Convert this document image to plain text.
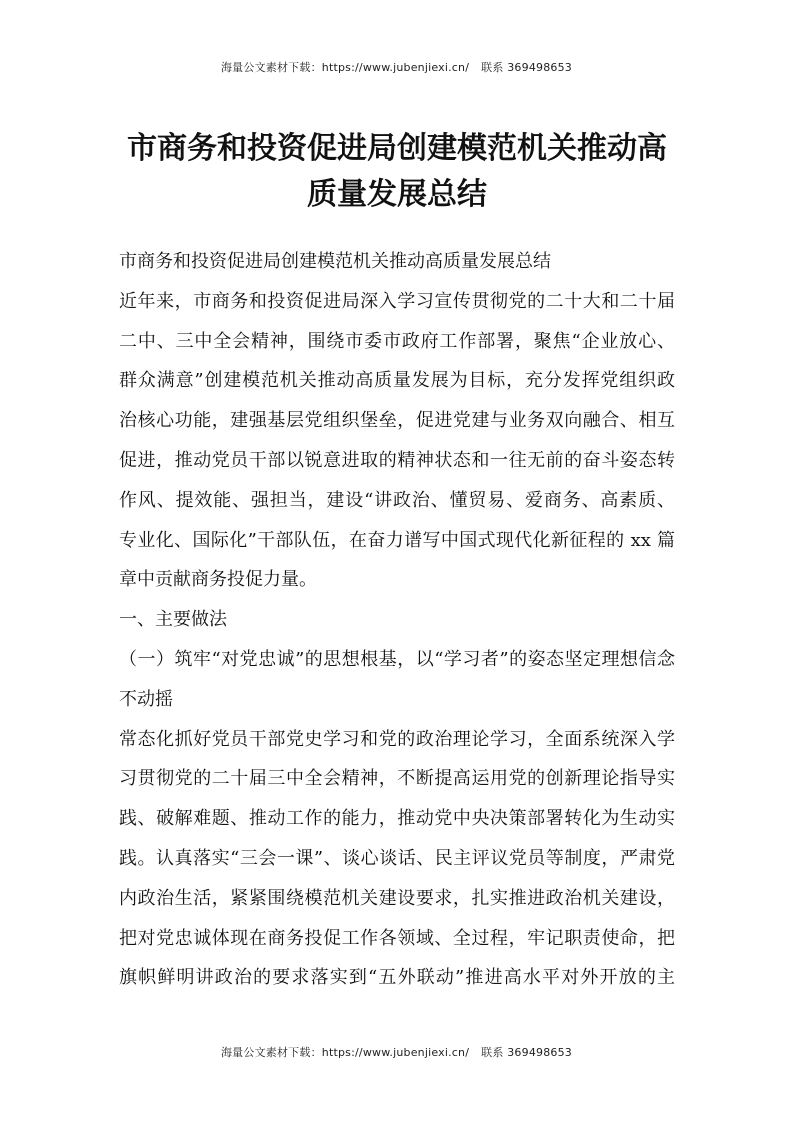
海量公文素材下载：https://www.jubenjiexi.cn/ 联系 369498653
市商务和投资促进局创建模范机关推动高
质量发展总结
市商务和投资促进局创建模范机关推动高质量发展总结
近年来，市商务和投资促进局深入学习宣传贯彻党的二十大和二十届
二中、三中全会精神，围绕市委市政府工作部署，聚焦“企业放心、
群众满意”创建模范机关推动高质量发展为目标，充分发挥党组织政
治核心功能，建强基层党组织堡垒，促进党建与业务双向融合、相互
促进，推动党员干部以锐意进取的精神状态和一往无前的奋斗姿态转
作风、提效能、强担当，建设“讲政治、懂贸易、爱商务、高素质、
专业化、国际化”干部队伍，在奋力谱写中国式现代化新征程的 xx 篇
章中贡献商务投促力量。
一、主要做法
（一）筑牢“对党忠诚”的思想根基，以“学习者”的姿态坚定理想信念
不动摇
常态化抓好党员干部党史学习和党的政治理论学习，全面系统深入学
习贯彻党的二十届三中全会精神，不断提高运用党的创新理论指导实
践、破解难题、推动工作的能力，推动党中央决策部署转化为生动实
践。认真落实“三会一课”、谈心谈话、民主评议党员等制度，严肃党
内政治生活，紧紧围绕模范机关建设要求，扎实推进政治机关建设，
把对党忠诚体现在商务投促工作各领域、全过程，牢记职责使命，把
旗帜鲜明讲政治的要求落实到“五外联动”推进高水平对外开放的主
海量公文素材下载：https://www.jubenjiexi.cn/ 联系 369498653
